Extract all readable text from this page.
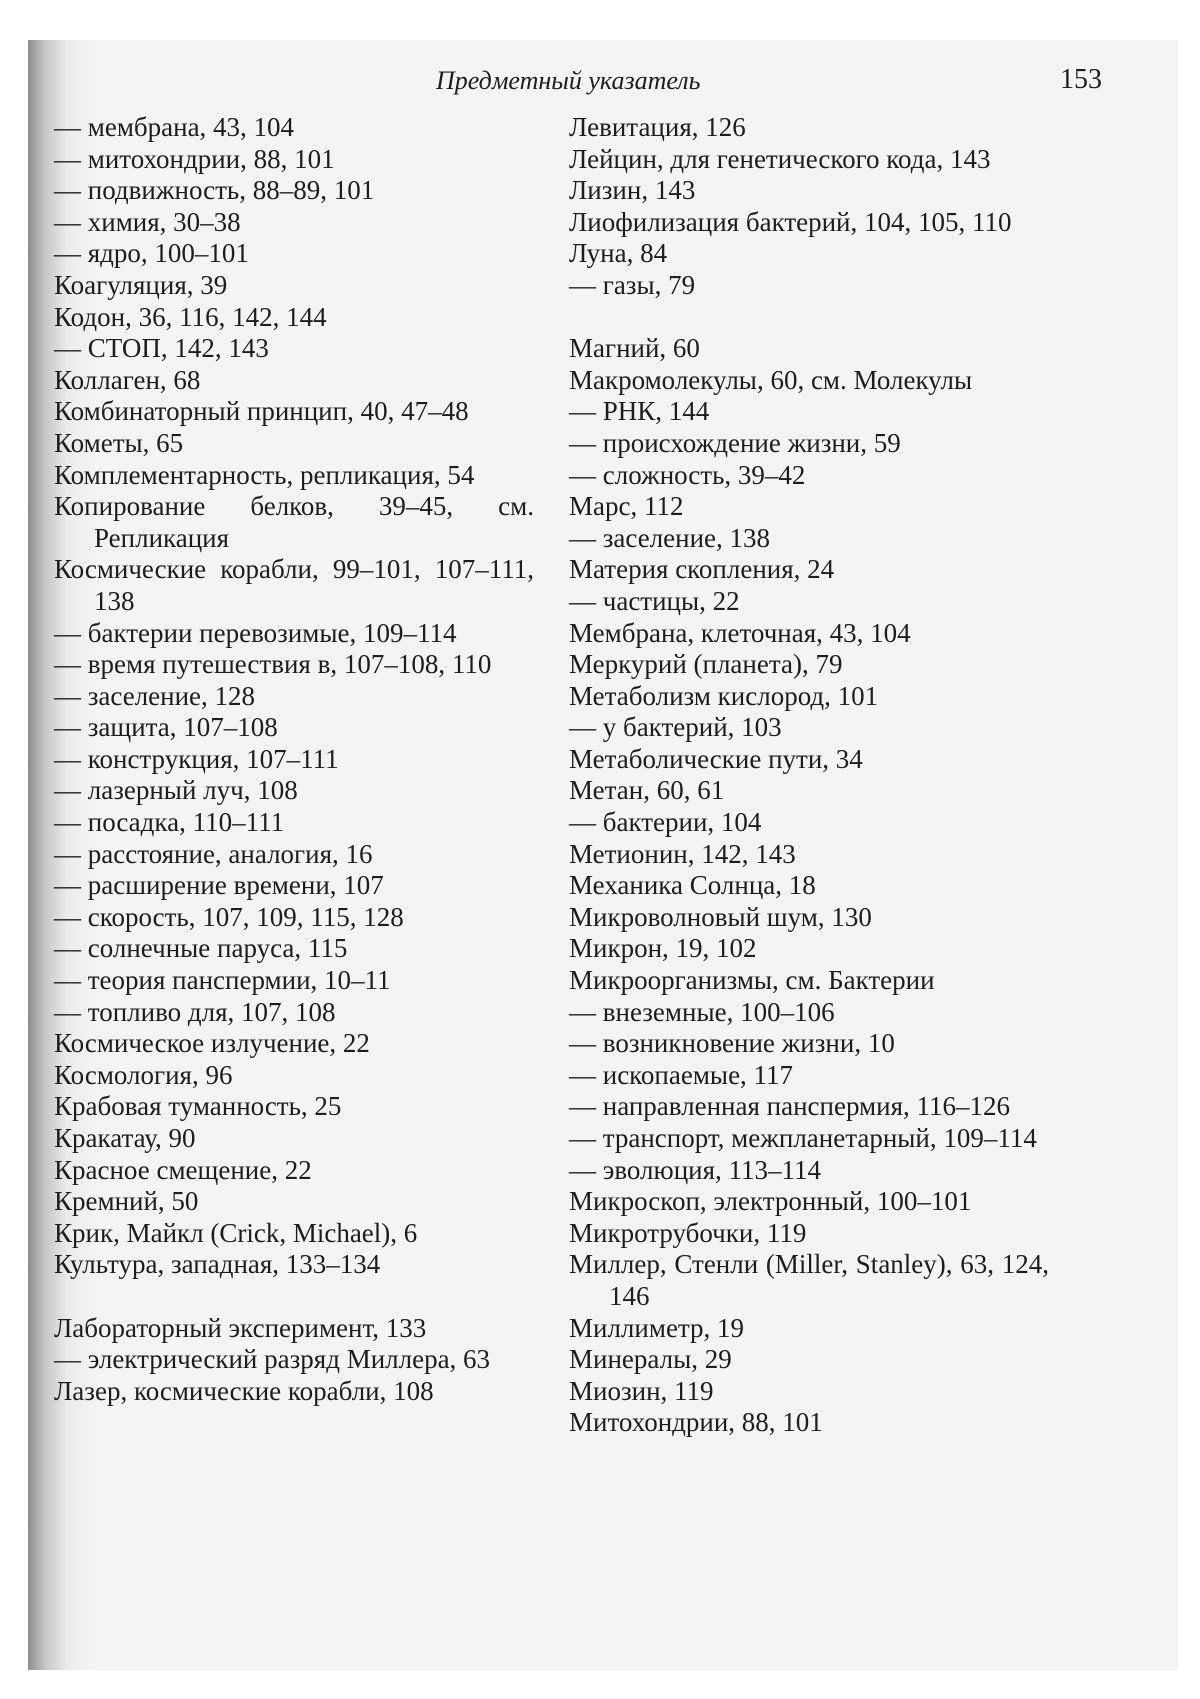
Предметный указатель	153
— мембрана, 43, 104
— митохондрии, 88, 101
— подвижность, 88–89, 101
— химия, 30–38
— ядро, 100–101
Коагуляция, 39
Кодон, 36, 116, 142, 144
— СТОП, 142, 143
Коллаген, 68
Комбинаторный принцип, 40, 47–48
Кометы, 65
Комплементарность, репликация, 54
Копирование белков, 39–45, см. Репликация
Космические корабли, 99–101, 107–111, 138
— бактерии перевозимые, 109–114
— время путешествия в, 107–108, 110
— заселение, 128
— защита, 107–108
— конструкция, 107–111
— лазерный луч, 108
— посадка, 110–111
— расстояние, аналогия, 16
— расширение времени, 107
— скорость, 107, 109, 115, 128
— солнечные паруса, 115
— теория панспермии, 10–11
— топливо для, 107, 108
Космическое излучение, 22
Космология, 96
Крабовая туманность, 25
Кракатау, 90
Красное смещение, 22
Кремний, 50
Крик, Майкл (Crick, Michael), 6
Культура, западная, 133–134
Лабораторный эксперимент, 133
— электрический разряд Миллера, 63
Лазер, космические корабли, 108
Левитация, 126
Лейцин, для генетического кода, 143
Лизин, 143
Лиофилизация бактерий, 104, 105, 110
Луна, 84
— газы, 79
Магний, 60
Макромолекулы, 60, см. Молекулы
— РНК, 144
— происхождение жизни, 59
— сложность, 39–42
Марс, 112
— заселение, 138
Материя скопления, 24
— частицы, 22
Мембрана, клеточная, 43, 104
Меркурий (планета), 79
Метаболизм кислород, 101
— у бактерий, 103
Метаболические пути, 34
Метан, 60, 61
— бактерии, 104
Метионин, 142, 143
Механика Солнца, 18
Микроволновый шум, 130
Микрон, 19, 102
Микроорганизмы, см. Бактерии
— внеземные, 100–106
— возникновение жизни, 10
— ископаемые, 117
— направленная панспермия, 116–126
— транспорт, межпланетарный, 109–114
— эволюция, 113–114
Микроскоп, электронный, 100–101
Микротрубочки, 119
Миллер, Стенли (Miller, Stanley), 63, 124, 146
Миллиметр, 19
Минералы, 29
Миозин, 119
Митохондрии, 88, 101
